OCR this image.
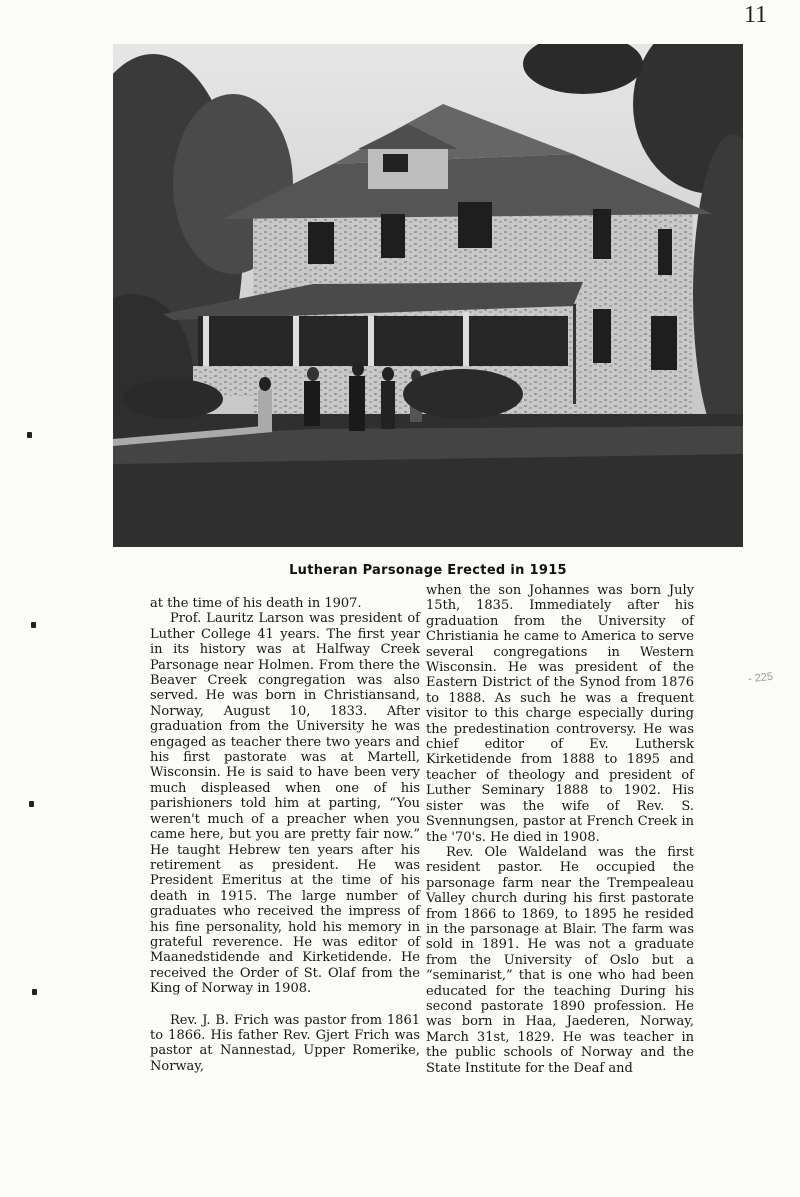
11
- 225
Lutheran Parsonage Erected in 1915

at the time of his death in 1907.

Prof. Lauritz Larson was president of Luther College 41 years. The first year in its history was at Halfway Creek Parsonage near Holmen. From there the Beaver Creek congregation was also served. He was born in Christiansand, Norway, August 10, 1833. After graduation from the University he was engaged as teacher there two years and his first pastorate was at Martell, Wisconsin. He is said to have been very much displeased when one of his parishioners told him at parting, “You weren't much of a preacher when you came here, but you are pretty fair now.” He taught Hebrew ten years after his retirement as president. He was President Emeritus at the time of his death in 1915. The large number of graduates who received the impress of his fine personality, hold his memory in grateful reverence. He was editor of Maanedstidende and Kirketidende. He received the Order of St. Olaf from the King of Norway in 1908.

Rev. J. B. Frich was pastor from 1861 to 1866. His father Rev. Gjert Frich was pastor at Nannestad, Upper Romerike, Norway,

when the son Johannes was born July 15th, 1835. Immediately after his graduation from the University of Christiania he came to America to serve several congregations in Western Wisconsin. He was president of the Eastern District of the Synod from 1876 to 1888. As such he was a frequent visitor to this charge especially during the predestination controversy. He was chief editor of Ev. Luthersk Kirketidende from 1888 to 1895 and teacher of theology and president of Luther Seminary 1888 to 1902. His sister was the wife of Rev. S. Svennungsen, pastor at French Creek in the '70's. He died in 1908.

Rev. Ole Waldeland was the first resident pastor. He occupied the parsonage farm near the Trempealeau Valley church during his first pastorate from 1866 to 1869, to 1895 he resided in the parsonage at Blair. The farm was sold in 1891. He was not a graduate from the University of Oslo but a “seminarist,” that is one who had been educated for the teaching During his second pastorate 1890 profession. He was born in Haa, Jaederen, Norway, March 31st, 1829. He was teacher in the public schools of Norway and the State Institute for the Deaf and
